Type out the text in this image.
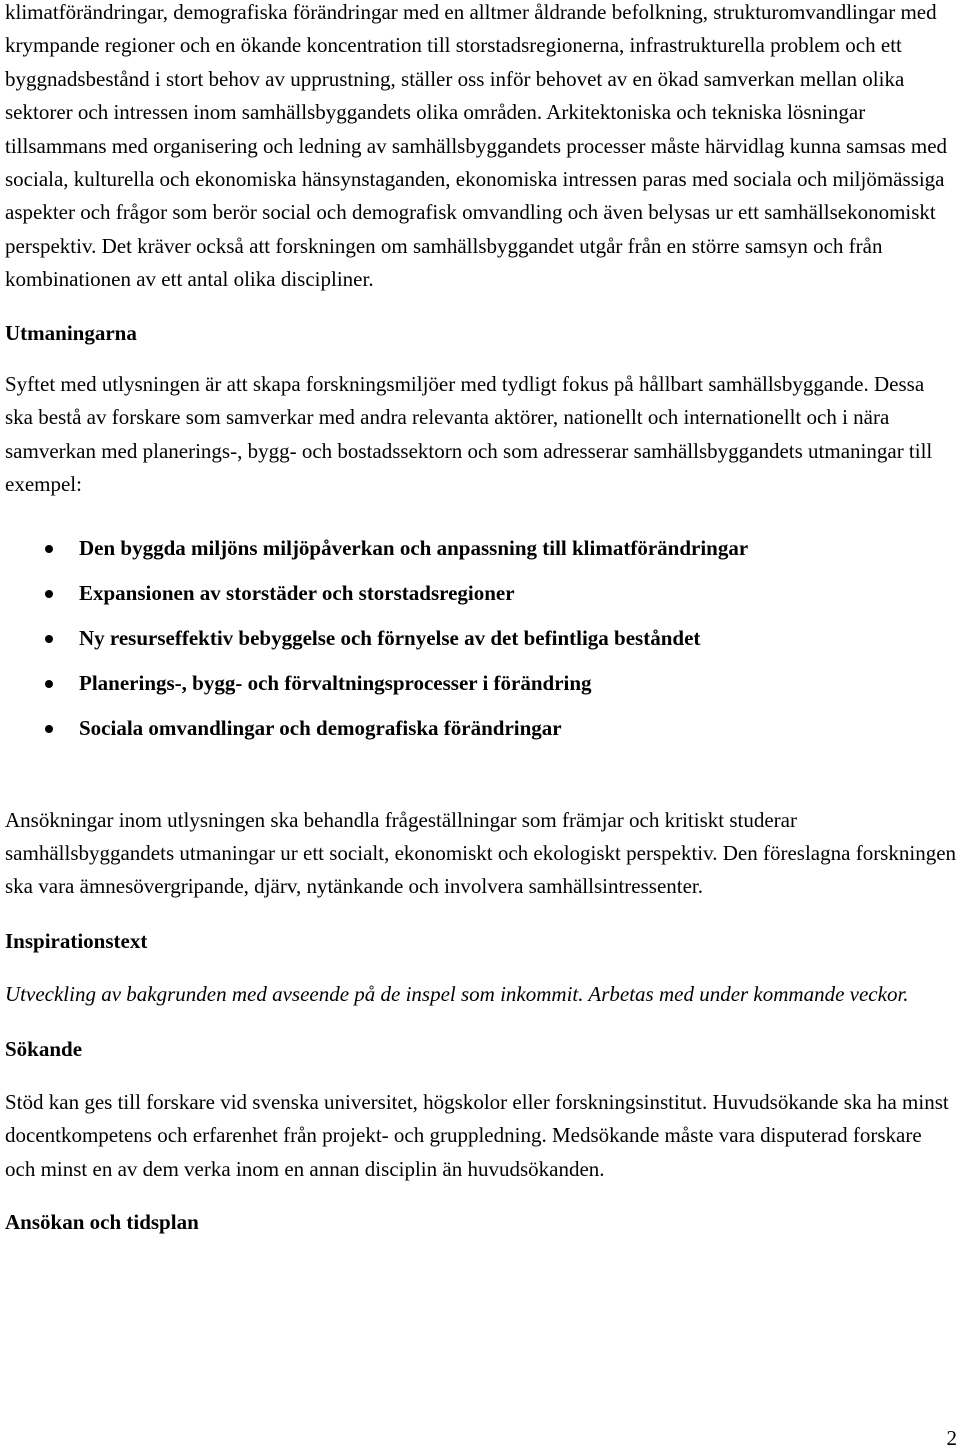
klimatförändringar, demografiska förändringar med en alltmer åldrande befolkning, strukturomvandlingar med krympande regioner och en ökande koncentration till storstadsregionerna, infrastrukturella problem och ett byggnadsbestånd i stort behov av upprustning, ställer oss inför behovet av en ökad samverkan mellan olika sektorer och intressen inom samhällsbyggandets olika områden. Arkitektoniska och tekniska lösningar tillsammans med organisering och ledning av samhällsbyggandets processer måste härvidlag kunna samsas med sociala, kulturella och ekonomiska hänsynstaganden, ekonomiska intressen paras med sociala och miljömässiga aspekter och frågor som berör social och demografisk omvandling och även belysas ur ett samhällsekonomiskt perspektiv. Det kräver också att forskningen om samhällsbyggandet utgår från en större samsyn och från kombinationen av ett antal olika discipliner.

Utmaningarna

Syftet med utlysningen är att skapa forskningsmiljöer med tydligt fokus på hållbart samhällsbyggande. Dessa ska bestå av forskare som samverkar med andra relevanta aktörer, nationellt och internationellt och i nära samverkan med planerings-, bygg- och bostadssektorn och som adresserar samhällsbyggandets utmaningar till exempel:

Den byggda miljöns miljöpåverkan och anpassning till klimatförändringar
Expansionen av storstäder och storstadsregioner
Ny resurseffektiv bebyggelse och förnyelse av det befintliga beståndet
Planerings-, bygg- och förvaltningsprocesser i förändring
Sociala omvandlingar och demografiska förändringar

Ansökningar inom utlysningen ska behandla frågeställningar som främjar och kritiskt studerar samhällsbyggandets utmaningar ur ett socialt, ekonomiskt och ekologiskt perspektiv. Den föreslagna forskningen ska vara ämnesövergripande, djärv, nytänkande och involvera samhällsintressenter.

Inspirationstext

Utveckling av bakgrunden med avseende på de inspel som inkommit. Arbetas med under kommande veckor.

Sökande

Stöd kan ges till forskare vid svenska universitet, högskolor eller forskningsinstitut. Huvudsökande ska ha minst docentkompetens och erfarenhet från projekt- och gruppledning. Medsökande måste vara disputerad forskare och minst en av dem verka inom en annan disciplin än huvudsökanden.

Ansökan och tidsplan
2
